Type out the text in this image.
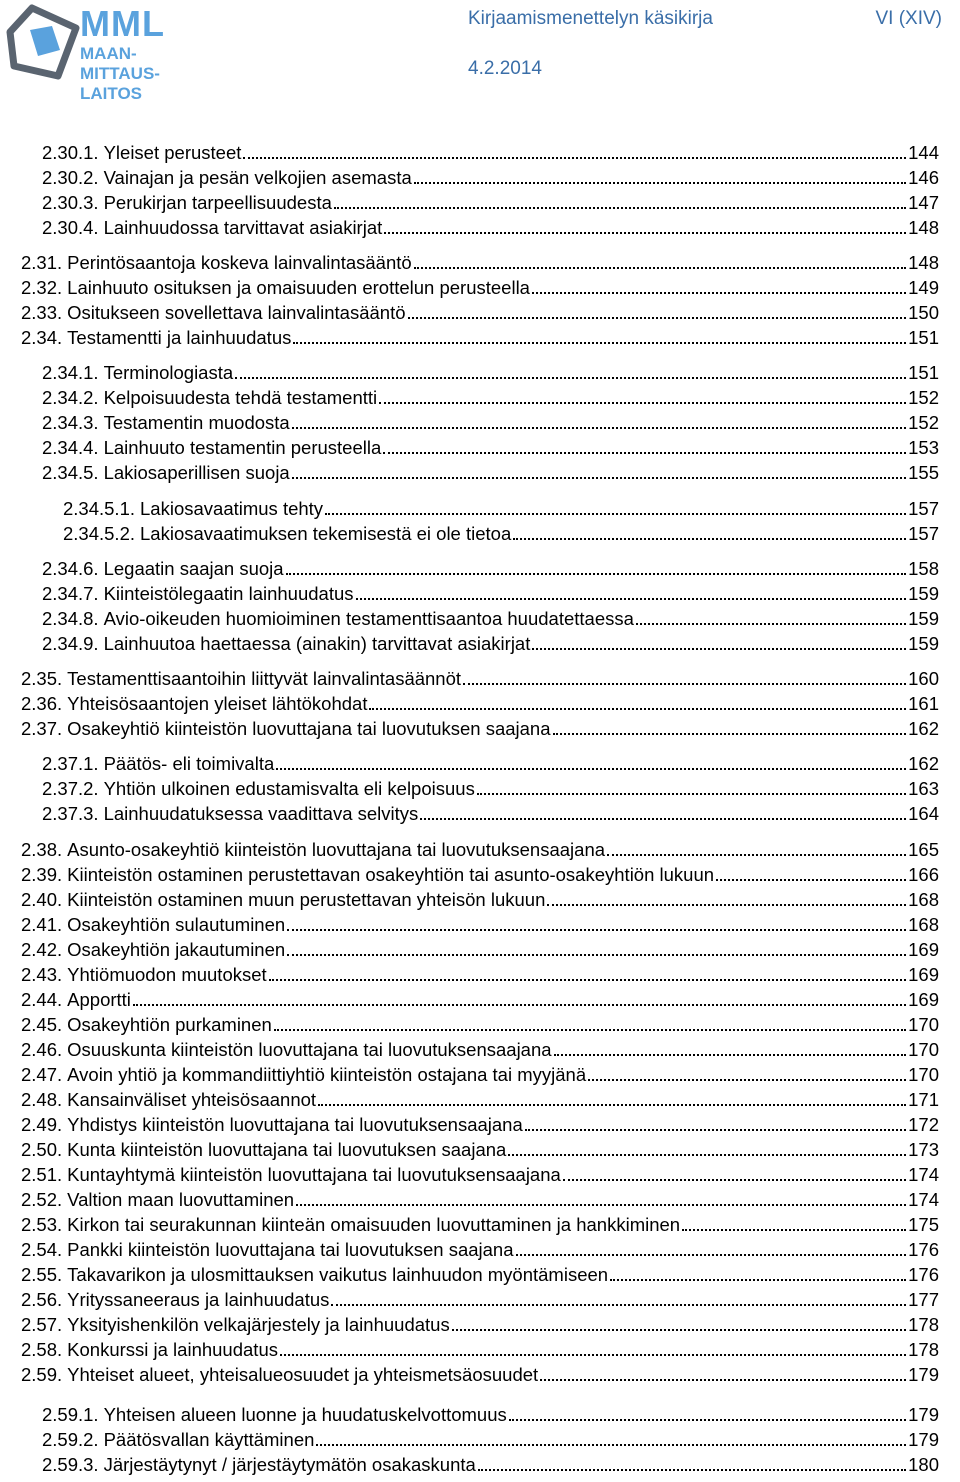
MML
MAAN-
MITTAUS-
LAITOS
Kirjaamismenettelyn käsikirja	VI (XIV)
4.2.2014
2.30.1. Yleiset perusteet	144
2.30.2. Vainajan ja pesän velkojien asemasta	146
2.30.3. Perukirjan tarpeellisuudesta	147
2.30.4. Lainhuudossa tarvittavat asiakirjat	148
2.31. Perintösaantoja koskeva lainvalintasääntö	148
2.32. Lainhuuto osituksen ja omaisuuden erottelun perusteella	149
2.33. Ositukseen sovellettava lainvalintasääntö	150
2.34. Testamentti ja lainhuudatus	151
2.34.1. Terminologiasta	151
2.34.2. Kelpoisuudesta tehdä testamentti	152
2.34.3. Testamentin muodosta	152
2.34.4. Lainhuuto testamentin perusteella	153
2.34.5. Lakiosaperillisen suoja	155
2.34.5.1. Lakiosavaatimus tehty	157
2.34.5.2. Lakiosavaatimuksen tekemisestä ei ole tietoa	157
2.34.6. Legaatin saajan suoja	158
2.34.7. Kiinteistölegaatin lainhuudatus	159
2.34.8. Avio-oikeuden huomioiminen testamenttisaantoa huudatettaessa	159
2.34.9. Lainhuutoa haettaessa (ainakin) tarvittavat asiakirjat	159
2.35. Testamenttisaantoihin liittyvät lainvalintasäännöt	160
2.36. Yhteisösaantojen yleiset lähtökohdat	161
2.37. Osakeyhtiö kiinteistön luovuttajana tai luovutuksen saajana	162
2.37.1. Päätös- eli toimivalta	162
2.37.2. Yhtiön ulkoinen edustamisvalta eli kelpoisuus	163
2.37.3. Lainhuudatuksessa vaadittava selvitys	164
2.38. Asunto-osakeyhtiö kiinteistön luovuttajana tai luovutuksensaajana	165
2.39. Kiinteistön ostaminen perustettavan osakeyhtiön tai asunto-osakeyhtiön lukuun	166
2.40. Kiinteistön ostaminen muun perustettavan yhteisön lukuun	168
2.41. Osakeyhtiön sulautuminen	168
2.42. Osakeyhtiön jakautuminen	169
2.43. Yhtiömuodon muutokset	169
2.44. Apportti	169
2.45. Osakeyhtiön purkaminen	170
2.46. Osuuskunta kiinteistön luovuttajana tai luovutuksensaajana	170
2.47. Avoin yhtiö ja kommandiittiyhtiö kiinteistön ostajana tai myyjänä	170
2.48. Kansainväliset yhteisösaannot	171
2.49. Yhdistys kiinteistön luovuttajana tai luovutuksensaajana	172
2.50. Kunta kiinteistön luovuttajana tai luovutuksen saajana	173
2.51. Kuntayhtymä kiinteistön luovuttajana tai luovutuksensaajana	174
2.52. Valtion maan luovuttaminen	174
2.53. Kirkon tai seurakunnan kiinteän omaisuuden luovuttaminen ja hankkiminen	175
2.54. Pankki kiinteistön luovuttajana tai luovutuksen saajana	176
2.55. Takavarikon ja ulosmittauksen vaikutus lainhuudon myöntämiseen	176
2.56. Yrityssaneeraus ja lainhuudatus	177
2.57. Yksityishenkilön velkajärjestely ja lainhuudatus	178
2.58. Konkurssi ja lainhuudatus	178
2.59. Yhteiset alueet, yhteisalueosuudet ja yhteismetsäosuudet	179
2.59.1. Yhteisen alueen luonne ja huudatuskelvottomuus	179
2.59.2. Päätösvallan käyttäminen	179
2.59.3. Järjestäytynyt / järjestäytymätön osakaskunta	180
